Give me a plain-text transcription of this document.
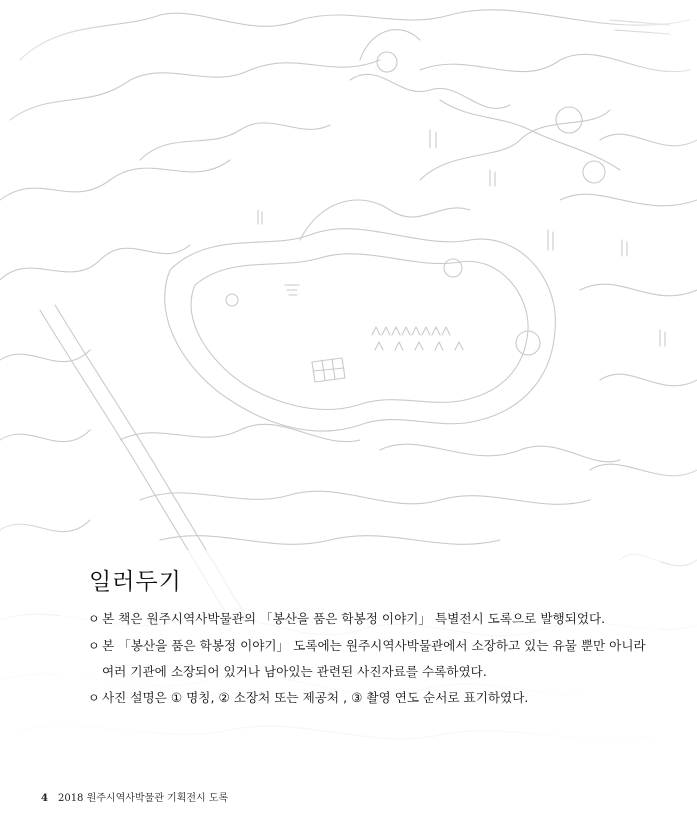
일러두기
ㅇ 본 책은 원주시역사박물관의 「봉산을 품은 학봉정 이야기」 특별전시 도록으로 발행되었다.
ㅇ 본 「봉산을 품은 학봉정 이야기」 도록에는 원주시역사박물관에서 소장하고 있는 유물 뿐만 아니라
여러 기관에 소장되어 있거나 남아있는 관련된 사진자료를 수록하였다.
ㅇ 사진 설명은 ① 명칭, ② 소장처 또는 제공처 , ③ 촬영 연도 순서로 표기하였다.
4 2018 원주시역사박물관 기획전시 도록
